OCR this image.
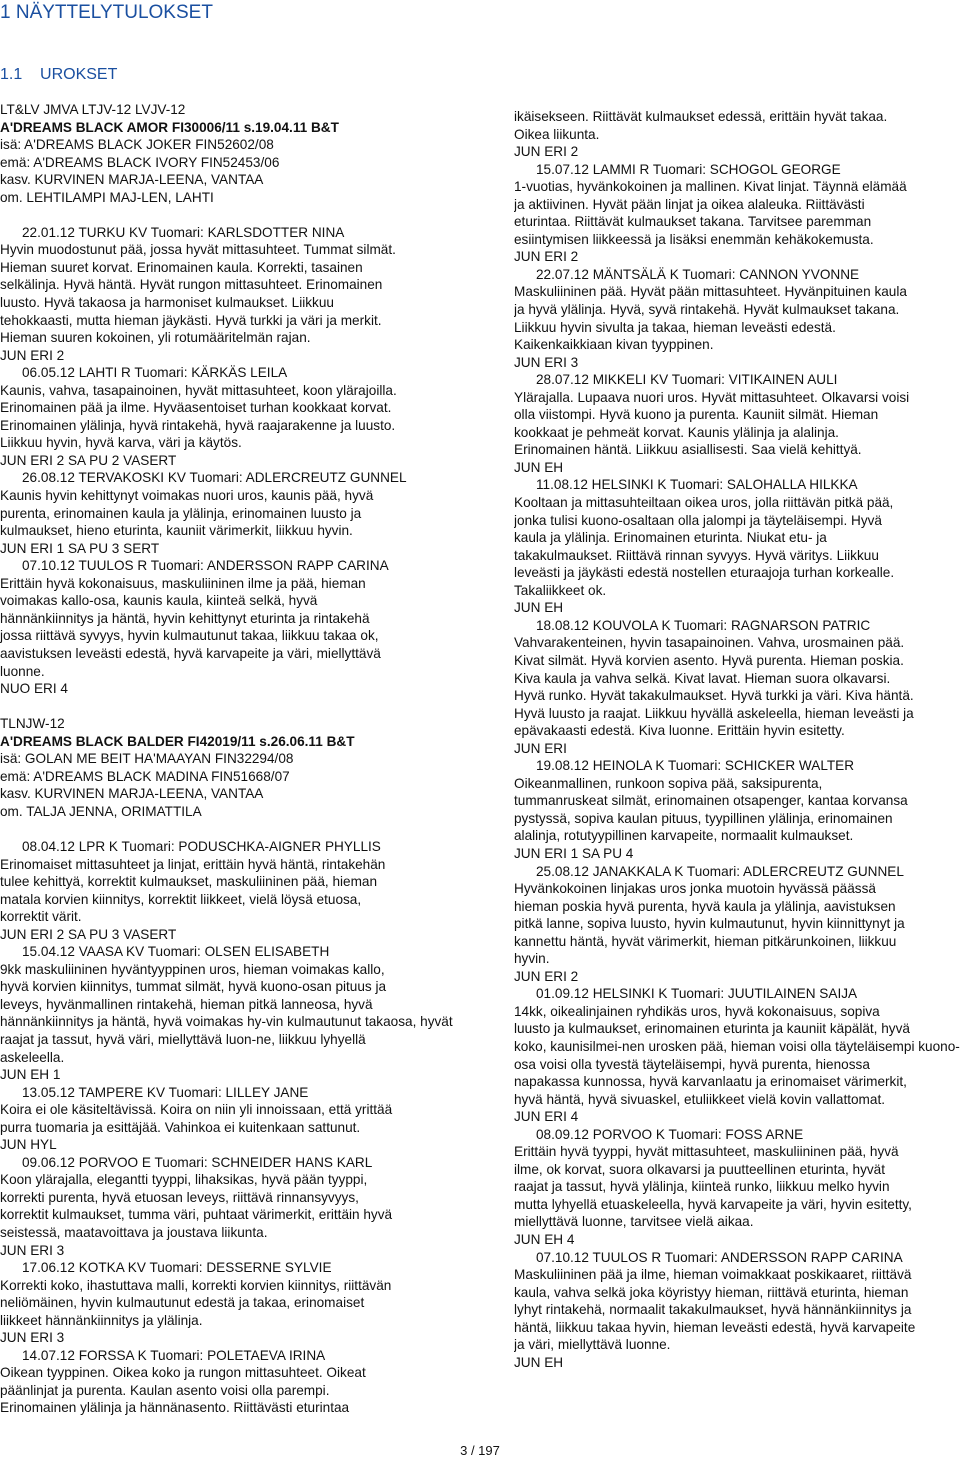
1 NÄYTTELYTULOKSET
1.1 UROKSET
LT&LV JMVA LTJV-12 LVJV-12
A'DREAMS BLACK AMOR FI30006/11 s.19.04.11 B&T
isä: A'DREAMS BLACK JOKER FIN52602/08
emä: A'DREAMS BLACK IVORY FIN52453/06
kasv. KURVINEN MARJA-LEENA, VANTAA
om. LEHTILAMPI MAJ-LEN, LAHTI
22.01.12 TURKU KV Tuomari: KARLSDOTTER NINA
Hyvin muodostunut pää, jossa hyvät mittasuhteet. Tummat silmät.
Hieman suuret korvat. Erinomainen kaula. Korrekti, tasainen
selkälinja. Hyvä häntä. Hyvät rungon mittasuhteet. Erinomainen
luusto. Hyvä takaosa ja harmoniset kulmaukset. Liikkuu
tehokkaasti, mutta hieman jäykästi. Hyvä turkki ja väri ja merkit.
Hieman suuren kokoinen, yli rotumääritelmän rajan.
JUN ERI 2
06.05.12 LAHTI R Tuomari: KÄRKÄS LEILA
Kaunis, vahva, tasapainoinen, hyvät mittasuhteet, koon ylärajoilla.
Erinomainen pää ja ilme. Hyväasentoiset turhan kookkaat korvat.
Erinomainen ylälinja, hyvä rintakehä, hyvä raajarakenne ja luusto.
Liikkuu hyvin, hyvä karva, väri ja käytös.
JUN ERI 2 SA PU 2 VASERT
26.08.12 TERVAKOSKI KV Tuomari: ADLERCREUTZ GUNNEL
Kaunis hyvin kehittynyt voimakas nuori uros, kaunis pää, hyvä
purenta, erinomainen kaula ja ylälinja, erinomainen luusto ja
kulmaukset, hieno eturinta, kauniit värimerkit, liikkuu hyvin.
JUN ERI 1 SA PU 3 SERT
07.10.12 TUULOS R Tuomari: ANDERSSON RAPP CARINA
Erittäin hyvä kokonaisuus, maskuliininen ilme ja pää, hieman
voimakas kallo-osa, kaunis kaula, kiinteä selkä, hyvä
hännänkiinnitys ja häntä, hyvin kehittynyt eturinta ja rintakehä
jossa riittävä syvyys, hyvin kulmautunut takaa, liikkuu takaa ok,
aavistuksen leveästi edestä, hyvä karvapeite ja väri, miellyttävä
luonne.
NUO ERI 4
TLNJW-12
A'DREAMS BLACK BALDER FI42019/11 s.26.06.11 B&T
isä: GOLAN ME BEIT HA'MAAYAN FIN32294/08
emä: A'DREAMS BLACK MADINA FIN51668/07
kasv. KURVINEN MARJA-LEENA, VANTAA
om. TALJA JENNA, ORIMATTILA
08.04.12 LPR K Tuomari: PODUSCHKA-AIGNER PHYLLIS
Erinomaiset mittasuhteet ja linjat, erittäin hyvä häntä, rintakehän
tulee kehittyä, korrektit kulmaukset, maskuliininen pää, hieman
matala korvien kiinnitys, korrektit liikkeet, vielä löysä etuosa,
korrektit värit.
JUN ERI 2 SA PU 3 VASERT
15.04.12 VAASA KV Tuomari: OLSEN ELISABETH
9kk maskuliininen hyväntyyppinen uros, hieman voimakas kallo,
hyvä korvien kiinnitys, tummat silmät, hyvä kuono-osan pituus ja
leveys, hyvänmallinen rintakehä, hieman pitkä lanneosa, hyvä
hännänkiinnitys ja häntä, hyvä voimakas hy-vin kulmautunut takaosa, hyvät
raajat ja tassut, hyvä väri, miellyttävä luon-ne, liikkuu lyhyellä
askeleella.
JUN EH 1
13.05.12 TAMPERE KV Tuomari: LILLEY JANE
Koira ei ole käsiteltävissä. Koira on niin yli innoissaan, että yrittää
purra tuomaria ja esittäjää. Vahinkoa ei kuitenkaan sattunut.
JUN HYL
09.06.12 PORVOO E Tuomari: SCHNEIDER HANS KARL
Koon ylärajalla, elegantti tyyppi, lihaksikas, hyvä pään tyyppi,
korrekti purenta, hyvä etuosan leveys, riittävä rinnansyvyys,
korrektit kulmaukset, tumma väri, puhtaat värimerkit, erittäin hyvä
seistessä, maatavoittava ja joustava liikunta.
JUN ERI 3
17.06.12 KOTKA KV Tuomari: DESSERNE SYLVIE
Korrekti koko, ihastuttava malli, korrekti korvien kiinnitys, riittävän
neliömäinen, hyvin kulmautunut edestä ja takaa, erinomaiset
liikkeet hännänkiinnitys ja ylälinja.
JUN ERI 3
14.07.12 FORSSA K Tuomari: POLETAEVA IRINA
Oikean tyyppinen. Oikea koko ja rungon mittasuhteet. Oikeat
päänlinjat ja purenta. Kaulan asento voisi olla parempi.
Erinomainen ylälinja ja hännänasento. Riittävästi eturintaa
ikäisekseen. Riittävät kulmaukset edessä, erittäin hyvät takaa.
Oikea liikunta.
JUN ERI 2
15.07.12 LAMMI R Tuomari: SCHOGOL GEORGE
1-vuotias, hyvänkokoinen ja mallinen. Kivat linjat. Täynnä elämää
ja aktiivinen. Hyvät pään linjat ja oikea alaleuka. Riittävästi
eturintaa. Riittävät kulmaukset takana. Tarvitsee paremman
esiintymisen liikkeessä ja lisäksi enemmän kehäkokemusta.
JUN ERI 2
22.07.12 MÄNTSÄLÄ K Tuomari: CANNON YVONNE
Maskuliininen pää. Hyvät pään mittasuhteet. Hyvänpituinen kaula
ja hyvä ylälinja. Hyvä, syvä rintakehä. Hyvät kulmaukset takana.
Liikkuu hyvin sivulta ja takaa, hieman leveästi edestä.
Kaikenkaikkiaan kivan tyyppinen.
JUN ERI 3
28.07.12 MIKKELI KV Tuomari: VITIKAINEN AULI
Ylärajalla. Lupaava nuori uros. Hyvät mittasuhteet. Olkavarsi voisi
olla viistompi. Hyvä kuono ja purenta. Kauniit silmät. Hieman
kookkaat je pehmeät korvat. Kaunis ylälinja ja alalinja.
Erinomainen häntä. Liikkuu asiallisesti. Saa vielä kehittyä.
JUN EH
11.08.12 HELSINKI K Tuomari: SALOHALLA HILKKA
Kooltaan ja mittasuhteiltaan oikea uros, jolla riittävän pitkä pää,
jonka tulisi kuono-osaltaan olla jalompi ja täyteläisempi. Hyvä
kaula ja ylälinja. Erinomainen eturinta. Niukat etu- ja
takakulmaukset. Riittävä rinnan syvyys. Hyvä väritys. Liikkuu
leveästi ja jäykästi edestä nostellen eturaajoja turhan korkealle.
Takaliikkeet ok.
JUN EH
18.08.12 KOUVOLA K Tuomari: RAGNARSON PATRIC
Vahvarakenteinen, hyvin tasapainoinen. Vahva, urosmainen pää.
Kivat silmät. Hyvä korvien asento. Hyvä purenta. Hieman poskia.
Kiva kaula ja vahva selkä. Kivat lavat. Hieman suora olkavarsi.
Hyvä runko. Hyvät takakulmaukset. Hyvä turkki ja väri. Kiva häntä.
Hyvä luusto ja raajat. Liikkuu hyvällä askeleella, hieman leveästi ja
epävakaasti edestä. Kiva luonne. Erittäin hyvin esitetty.
JUN ERI
19.08.12 HEINOLA K Tuomari: SCHICKER WALTER
Oikeanmallinen, runkoon sopiva pää, saksipurenta,
tummanruskeat silmät, erinomainen otsapenger, kantaa korvansa
pystyssä, sopiva kaulan pituus, tyypillinen ylälinja, erinomainen
alalinja, rotutyypillinen karvapeite, normaalit kulmaukset.
JUN ERI 1 SA PU 4
25.08.12 JANAKKALA K Tuomari: ADLERCREUTZ GUNNEL
Hyvänkokoinen linjakas uros jonka muotoin hyvässä päässä
hieman poskia hyvä purenta, hyvä kaula ja ylälinja, aavistuksen
pitkä lanne, sopiva luusto, hyvin kulmautunut, hyvin kiinnittynyt ja
kannettu häntä, hyvät värimerkit, hieman pitkärunkoinen, liikkuu
hyvin.
JUN ERI 2
01.09.12 HELSINKI K Tuomari: JUUTILAINEN SAIJA
14kk, oikealinjainen ryhdikäs uros, hyvä kokonaisuus, sopiva
luusto ja kulmaukset, erinomainen eturinta ja kauniit käpälät, hyvä
koko, kaunisilmei-nen urosken pää, hieman voisi olla täyteläisempi kuono-
osa voisi olla tyvestä täyteläisempi, hyvä purenta, hienossa
napakassa kunnossa, hyvä karvanlaatu ja erinomaiset värimerkit,
hyvä häntä, hyvä sivuaskel, etuliikkeet vielä kovin vallattomat.
JUN ERI 4
08.09.12 PORVOO K Tuomari: FOSS ARNE
Erittäin hyvä tyyppi, hyvät mittasuhteet, maskuliininen pää, hyvä
ilme, ok korvat, suora olkavarsi ja puutteellinen eturinta, hyvät
raajat ja tassut, hyvä ylälinja, kiinteä runko, liikkuu melko hyvin
mutta lyhyellä etuaskeleella, hyvä karvapeite ja väri, hyvin esitetty,
miellyttävä luonne, tarvitsee vielä aikaa.
JUN EH 4
07.10.12 TUULOS R Tuomari: ANDERSSON RAPP CARINA
Maskuliininen pää ja ilme, hieman voimakkaat poskikaaret, riittävä
kaula, vahva selkä joka köyristyy hieman, riittävä eturinta, hieman
lyhyt rintakehä, normaalit takakulmaukset, hyvä hännänkiinnitys ja
häntä, liikkuu takaa hyvin, hieman leveästi edestä, hyvä karvapeite
ja väri, miellyttävä luonne.
JUN EH
3 / 197
